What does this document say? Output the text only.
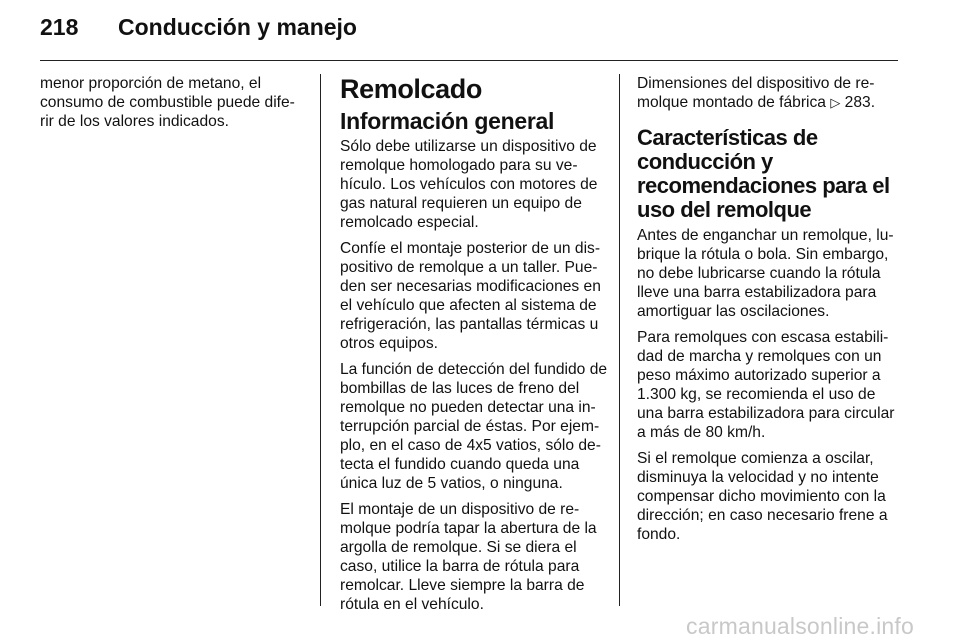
218 Conducción y manejo

menor proporción de metano, el consumo de combustible puede dife-rir de los valores indicados.

Remolcado
Información general

Sólo debe utilizarse un dispositivo de remolque homologado para su ve-hículo. Los vehículos con motores de gas natural requieren un equipo de remolcado especial.

Confíe el montaje posterior de un dis-positivo de remolque a un taller. Pue-den ser necesarias modificaciones en el vehículo que afecten al sistema de refrigeración, las pantallas térmicas u otros equipos.

La función de detección del fundido de bombillas de las luces de freno del remolque no pueden detectar una in-terrupción parcial de éstas. Por ejem-plo, en el caso de 4x5 vatios, sólo de-tecta el fundido cuando queda una única luz de 5 vatios, o ninguna.

El montaje de un dispositivo de re-molque podría tapar la abertura de la argolla de remolque. Si se diera el caso, utilice la barra de rótula para remolcar. Lleve siempre la barra de rótula en el vehículo.

Dimensiones del dispositivo de re-molque montado de fábrica ▷ 283.

Características de conducción y recomendaciones para el uso del remolque

Antes de enganchar un remolque, lu-brique la rótula o bola. Sin embargo, no debe lubricarse cuando la rótula lleve una barra estabilizadora para amortiguar las oscilaciones.

Para remolques con escasa estabili-dad de marcha y remolques con un peso máximo autorizado superior a 1.300 kg, se recomienda el uso de una barra estabilizadora para circular a más de 80 km/h.

Si el remolque comienza a oscilar, disminuya la velocidad y no intente compensar dicho movimiento con la dirección; en caso necesario frene a fondo.

carmanualsonline.info
